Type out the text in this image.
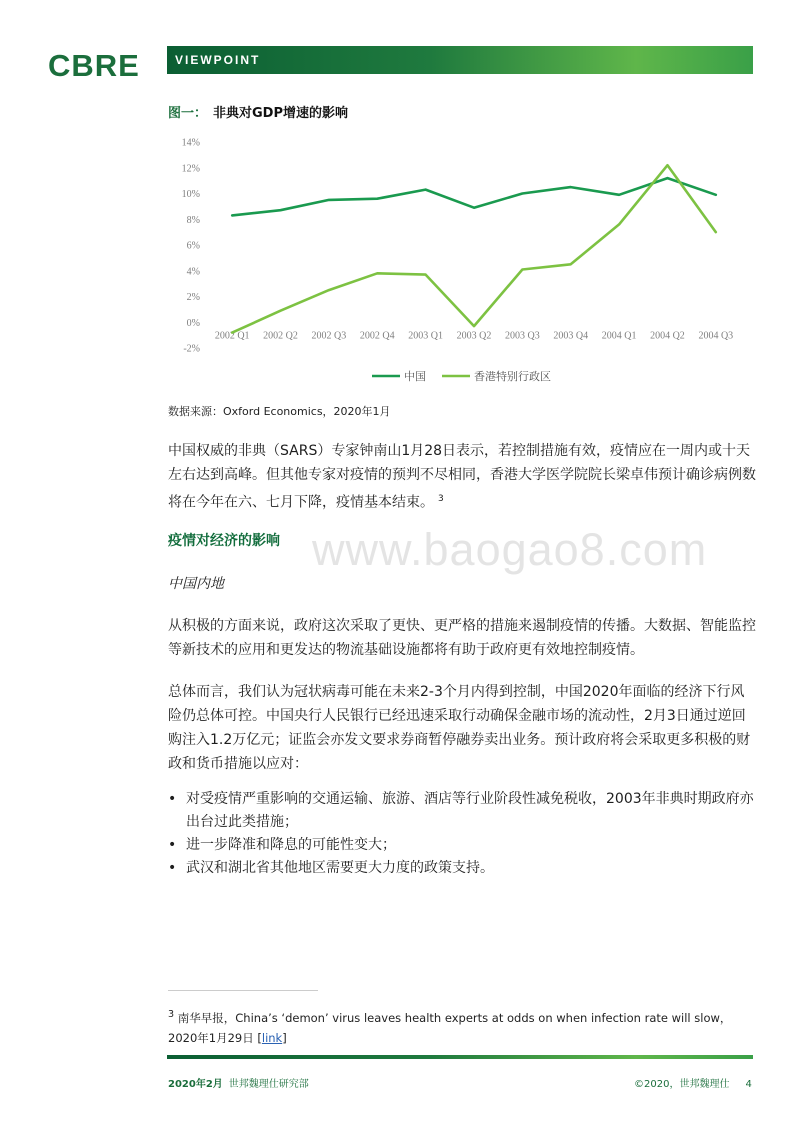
CBRE	VIEWPOINT
图一： 非典对GDP增速的影响
14%
12%
10%
8%
6%
4%
2%
0%
-2%
2002 Q1 2002 Q2 2002 Q3 2002 Q4 2003 Q1 2003 Q2 2003 Q3 2003 Q4 2004 Q1 2004 Q2 2004 Q3
中国	香港特别行政区
数据来源：Oxford Economics，2020年1月
中国权威的非典（SARS）专家钟南山1月28日表示，若控制措施有效，疫情应在一周内或十天左右达到高峰。但其他专家对疫情的预判不尽相同，香港大学医学院院长梁卓伟预计确诊病例数将在今年在六、七月下降，疫情基本结束。 $^3$
www.baogao8.com
疫情对经济的影响
中国内地
从积极的方面来说，政府这次采取了更快、更严格的措施来遏制疫情的传播。大数据、智能监控等新技术的应用和更发达的物流基础设施都将有助于政府更有效地控制疫情。
总体而言，我们认为冠状病毒可能在未来2-3个月内得到控制，中国2020年面临的经济下行风险仍总体可控。中国央行人民银行已经迅速采取行动确保金融市场的流动性，2月3日通过逆回购注入1.2万亿元；证监会亦发文要求券商暂停融券卖出业务。预计政府将会采取更多积极的财政和货币措施以应对：
• 对受疫情严重影响的交通运输、旅游、酒店等行业阶段性减免税收，2003年非典时期政府亦出台过此类措施；
• 进一步降准和降息的可能性变大；
• 武汉和湖北省其他地区需要更大力度的政策支持。
$^3$ 南华早报，China’s ‘demon’ virus leaves health experts at odds on when infection rate will slow，2020年1月29日 [link]
2020年2月 世邦魏理仕研究部	©2020，世邦魏理仕 4
